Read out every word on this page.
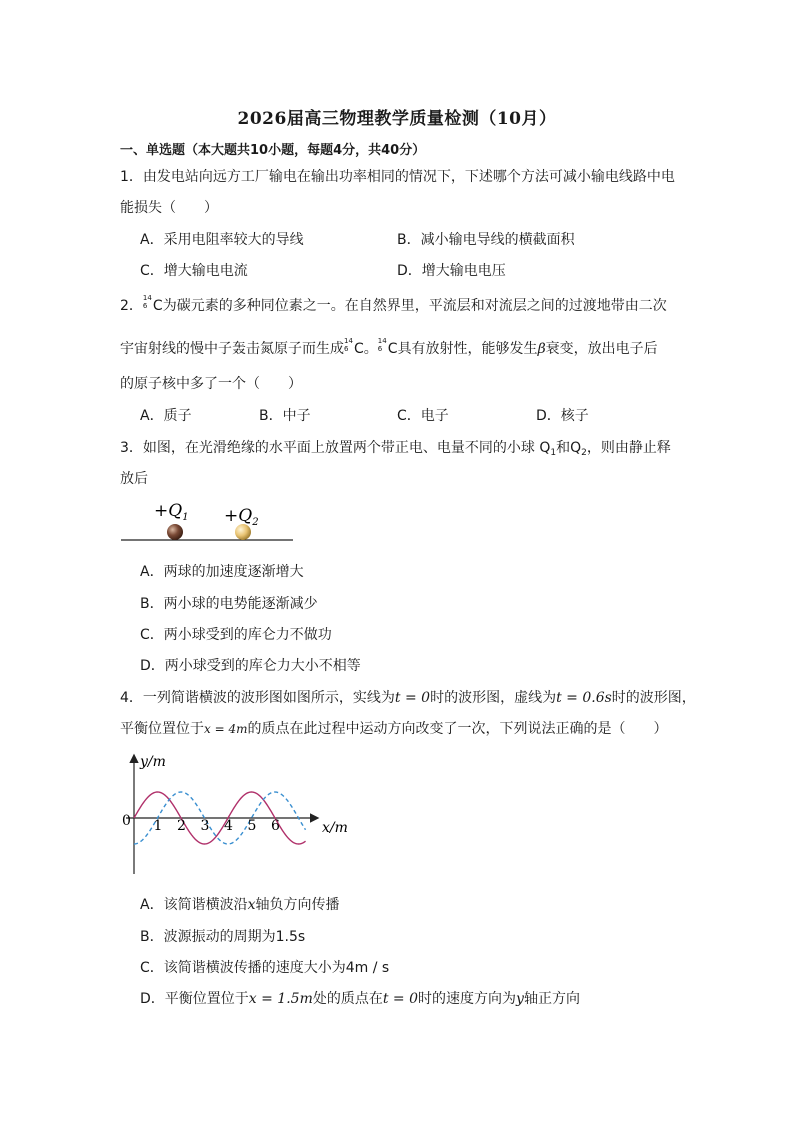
2026届高三物理教学质量检测（10月）
一、单选题（本大题共10小题，每题4分，共40分）
1．由发电站向远方工厂输电在输出功率相同的情况下，下述哪个方法可减小输电线路中电
能损失（　　）
A．采用电阻率较大的导线	B．减小输电导线的横截面积
C．增大输电电流	D．增大输电电压
2． 14
6 C为碳元素的多种同位素之一。在自然界里，平流层和对流层之间的过渡地带由二次
宇宙射线的慢中子轰击氮原子而生成 14
6 C。 14
6 C具有放射性，能够发生β衰变，放出电子后
的原子核中多了一个（　　）
A．质子	B．中子	C．电子	D．核子
3．如图，在光滑绝缘的水平面上放置两个带正电、电量不同的小球 $Q_1$和$Q_2$，则由静止释
放后
$+Q_1 +Q_2$
A．两球的加速度逐渐增大
B．两小球的电势能逐渐减少
C．两小球受到的库仑力不做功
D．两小球受到的库仑力大小不相等
4．一列简谐横波的波形图如图所示，实线为t = 0时的波形图，虚线为t = 0.6s时的波形图，
平衡位置位于x = 4m的质点在此过程中运动方向改变了一次，下列说法正确的是（　　）
y/m
x/m
0 1 2 3 4 5 6
A．该简谐横波沿x轴负方向传播
B．波源振动的周期为1.5s
C．该简谐横波传播的速度大小为4m / s
D．平衡位置位于x = 1.5m处的质点在t = 0时的速度方向为y轴正方向
